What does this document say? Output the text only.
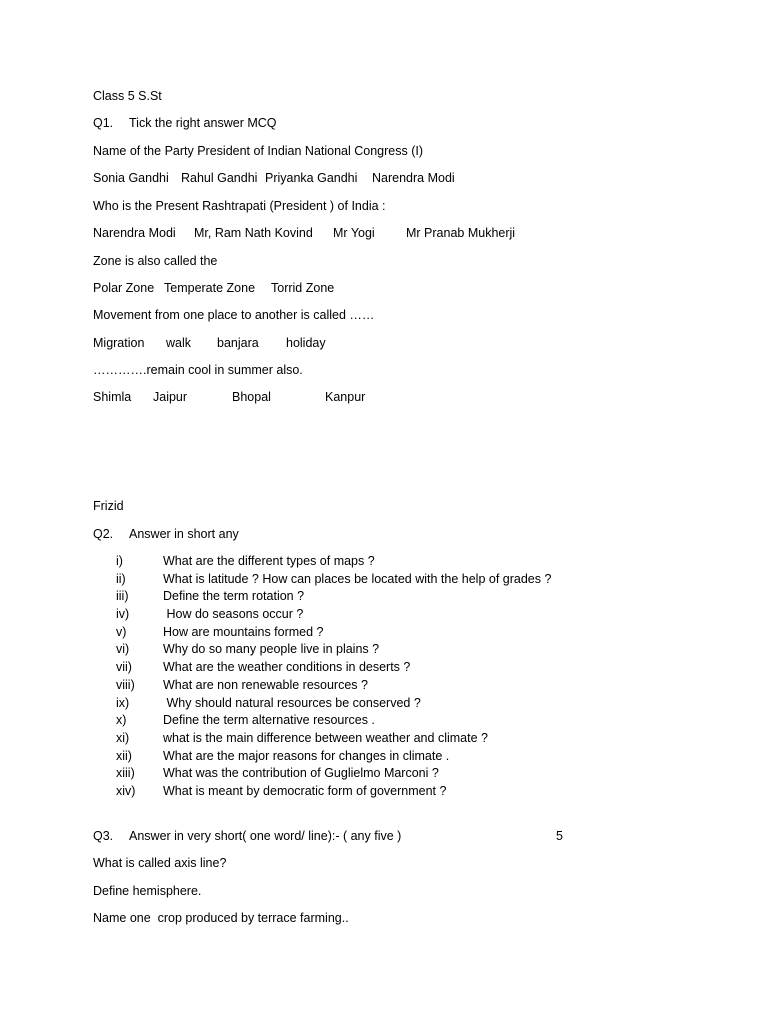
Class 5 S.St
Q1. Tick the right answer MCQ
Name of the Party President of Indian National Congress (I)
Sonia Gandhi Rahul Gandhi Priyanka Gandhi Narendra Modi
Who is the Present Rashtrapati (President ) of India :
Narendra Modi Mr, Ram Nath Kovind Mr Yogi	Mr Pranab Mukherji
Zone is also called the
Polar Zone Temperate Zone Torrid Zone
Movement from one place to another is called ……
Migration walk banjara holiday
………….remain cool in summer also.
Shimla Jaipur	Bhopal	Kanpur
Frizid
Q2. Answer in short any
i)	What are the different types of maps ?
ii)	What is latitude ? How can places be located with the help of grades ?
iii)	Define the term rotation ?
iv)	How do seasons occur ?
v)	How are mountains formed ?
vi)	Why do so many people live in plains ?
vii)	What are the weather conditions in deserts ?
viii)	What are non renewable resources ?
ix)	Why should natural resources be conserved ?
x)	Define the term alternative resources .
xi)	what is the main difference between weather and climate ?
xii)	What are the major reasons for changes in climate .
xiii)	What was the contribution of Guglielmo Marconi ?
xiv)	What is meant by democratic form of government ?
Q3. Answer in very short( one word/ line):- ( any five )	5
What is called axis line?
Define hemisphere.
Name one  crop produced by terrace farming..
